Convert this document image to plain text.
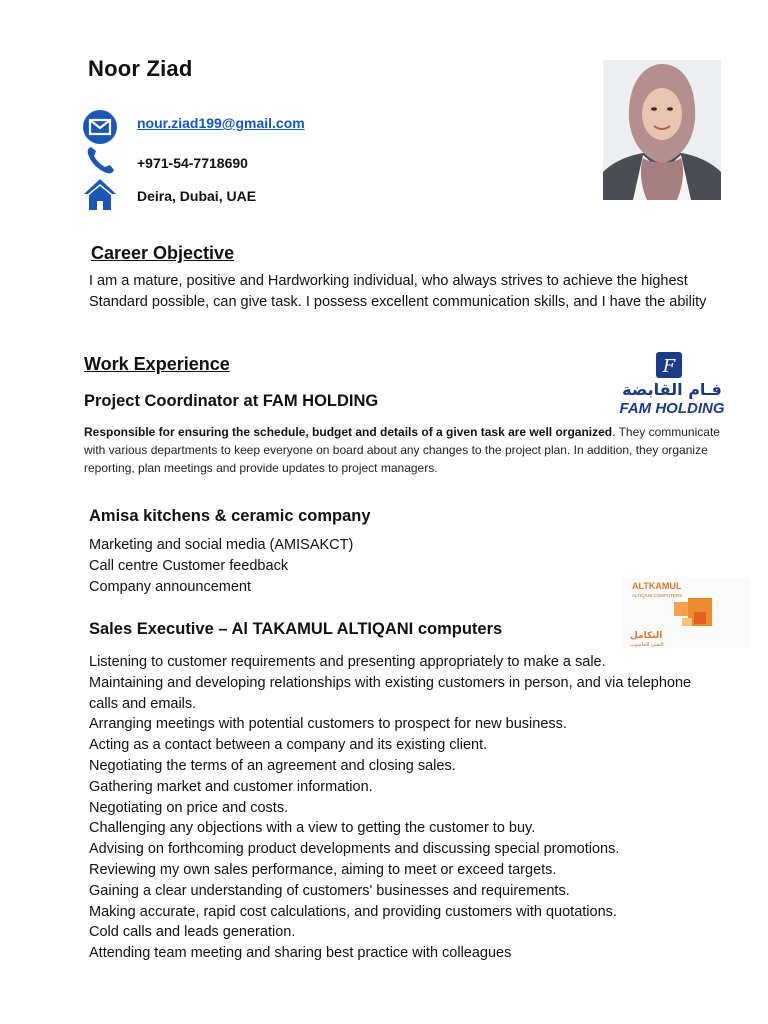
Noor Ziad
nour.ziad199@gmail.com
+971-54-7718690
Deira, Dubai, UAE
Career Objective
I am a mature, positive and Hardworking individual, who always strives to achieve the highest Standard possible, can give task. I possess excellent communication skills, and I have the ability
Work Experience	F
فـام القابضة
FAM HOLDING
Project Coordinator at FAM HOLDING
Responsible for ensuring the schedule, budget and details of a given task are well organized. They communicate with various departments to keep everyone on board about any changes to the project plan. In addition, they organize reporting, plan meetings and provide updates to project managers.
Amisa kitchens & ceramic company
Marketing and social media (AMISAKCT)
Call centre Customer feedback
Company announcement	ALTKAMUL
ALTIQANI COMPUTERS
التكامل
التقني للحاسوب
Sales Executive – Al TAKAMUL ALTIQANI computers
Listening to customer requirements and presenting appropriately to make a sale.
Maintaining and developing relationships with existing customers in person, and via telephone calls and emails.
Arranging meetings with potential customers to prospect for new business.
Acting as a contact between a company and its existing client.
Negotiating the terms of an agreement and closing sales.
Gathering market and customer information.
Negotiating on price and costs.
Challenging any objections with a view to getting the customer to buy.
Advising on forthcoming product developments and discussing special promotions.
Reviewing my own sales performance, aiming to meet or exceed targets.
Gaining a clear understanding of customers' businesses and requirements.
Making accurate, rapid cost calculations, and providing customers with quotations.
Cold calls and leads generation.
Attending team meeting and sharing best practice with colleagues
